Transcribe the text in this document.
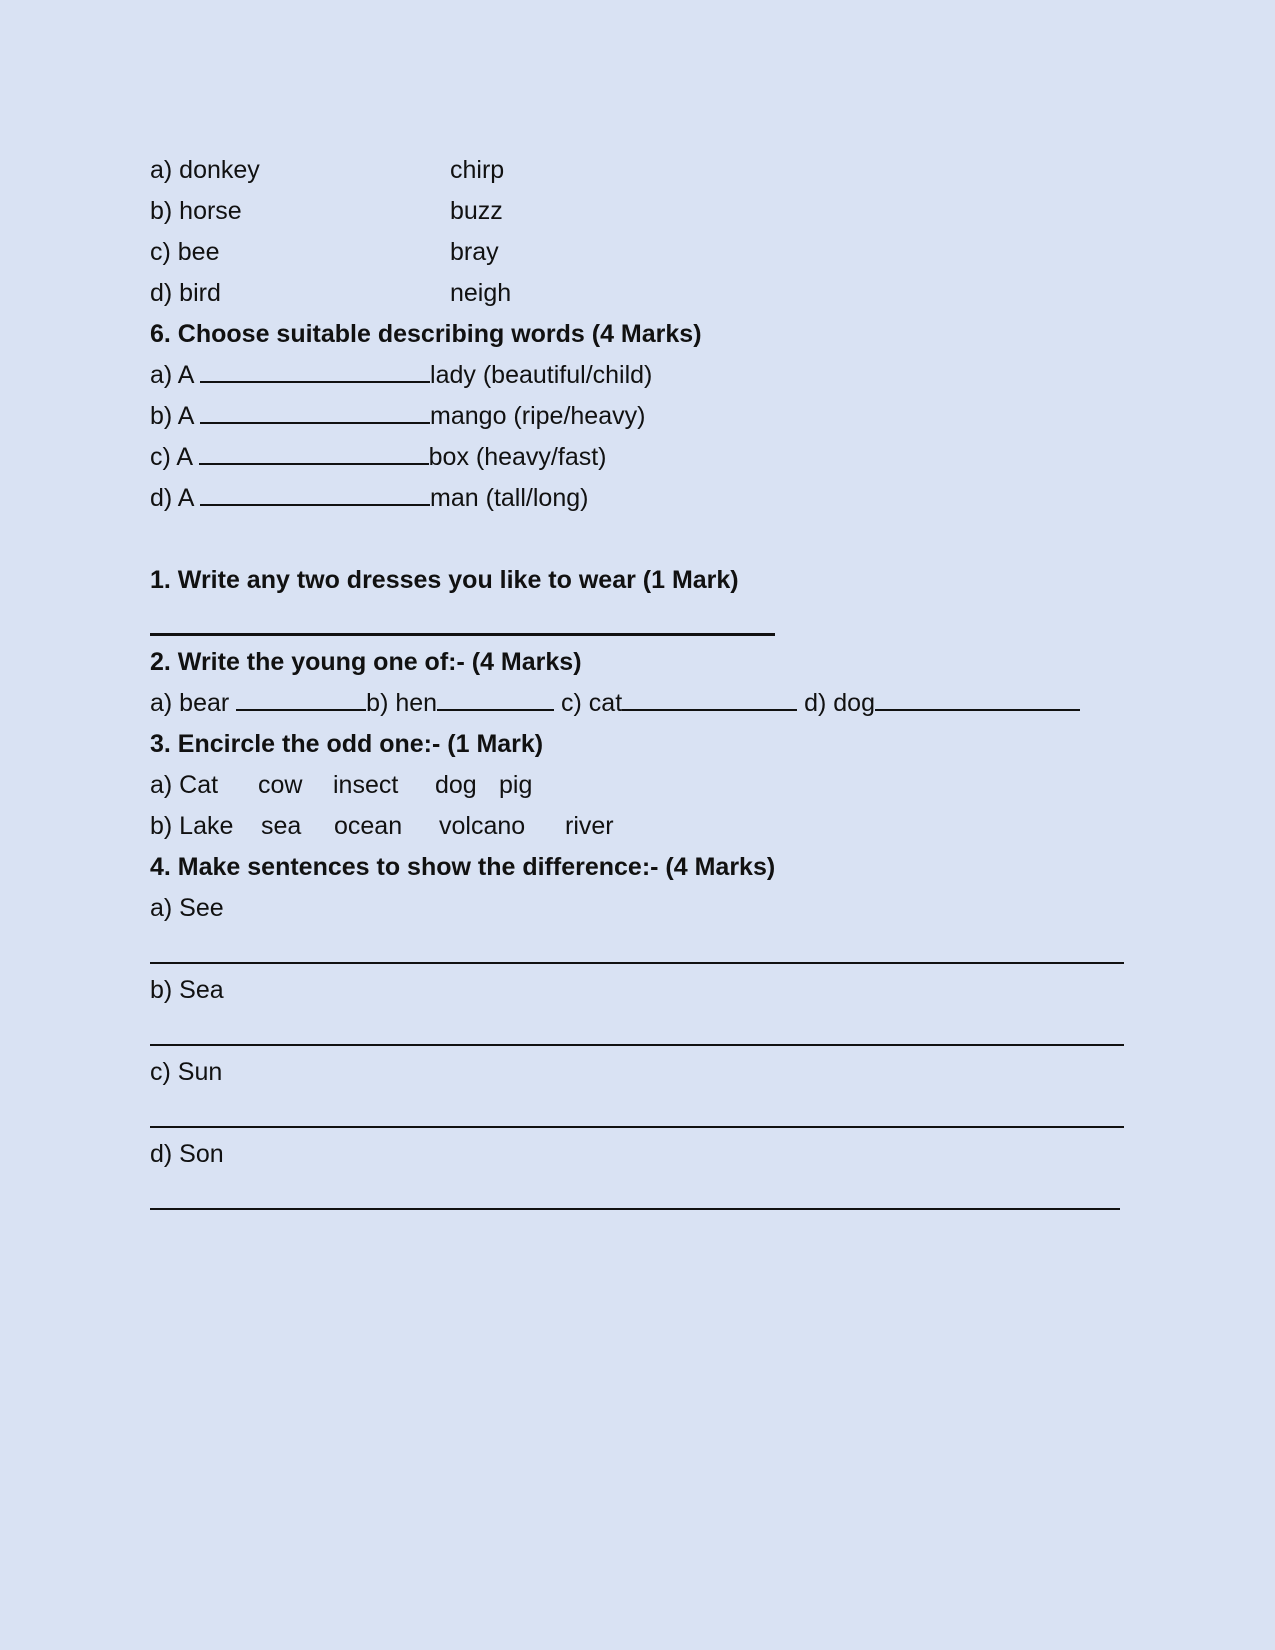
a) donkey	chirp
b) horse	buzz
c) bee	bray
d) bird	neigh
6. Choose suitable describing words (4 Marks)
a) A	lady (beautiful/child)
b) A	mango (ripe/heavy)
c) A	box (heavy/fast)
d) A	man (tall/long)
1. Write any two dresses you like to wear (1 Mark)
2. Write the young one of:- (4 Marks)
a) bear	b) hen	c) cat	d) dog
3. Encircle the odd one:- (1 Mark)
a) Cat cow insect dog pig
b) Lake sea ocean volcano river
4. Make sentences to show the difference:- (4 Marks)
a) See
b) Sea
c) Sun
d) Son
